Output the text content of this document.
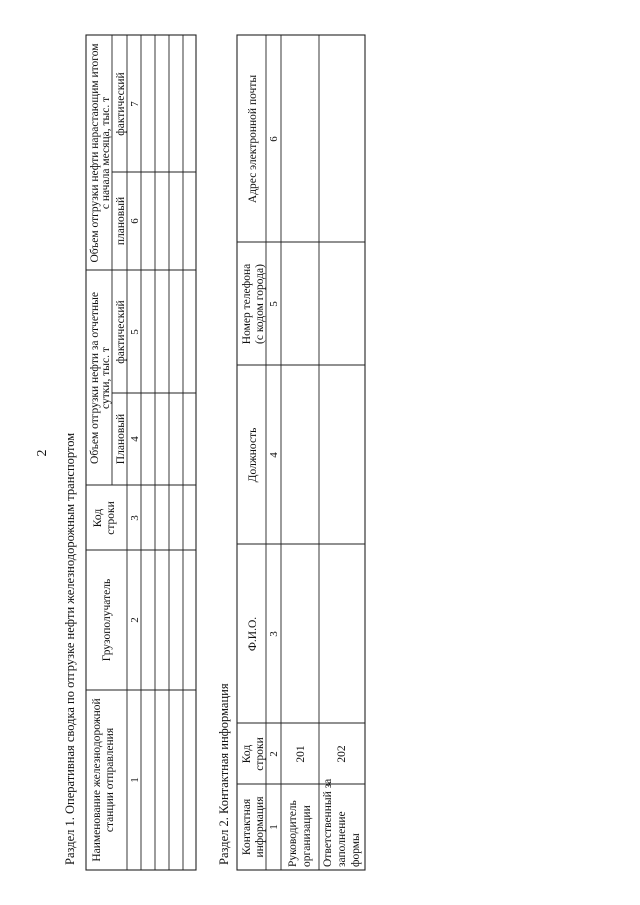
2 Раздел 1. Оперативная сводка по отгрузке нефти железнодорожным транспортом Наименование железнодорожной станции отправления
Грузополучатель
Код строки
Объем отгрузки нефти за отчетные сутки, тыс. т
Плановый
фактический
Объем отгрузки нефти нарастающим итогом с начала месяца, тыс. т
плановый
фактический
1
2
3
4
5
6
7
Раздел 2. Контактная информация Контактная информация
Код строки
Ф.И.О.
Должность
Номер телефона (с кодом города)
Адрес электронной почты
1
2
3
4
5
6
Руководитель организации
201
Ответственный за заполнение формы
202
